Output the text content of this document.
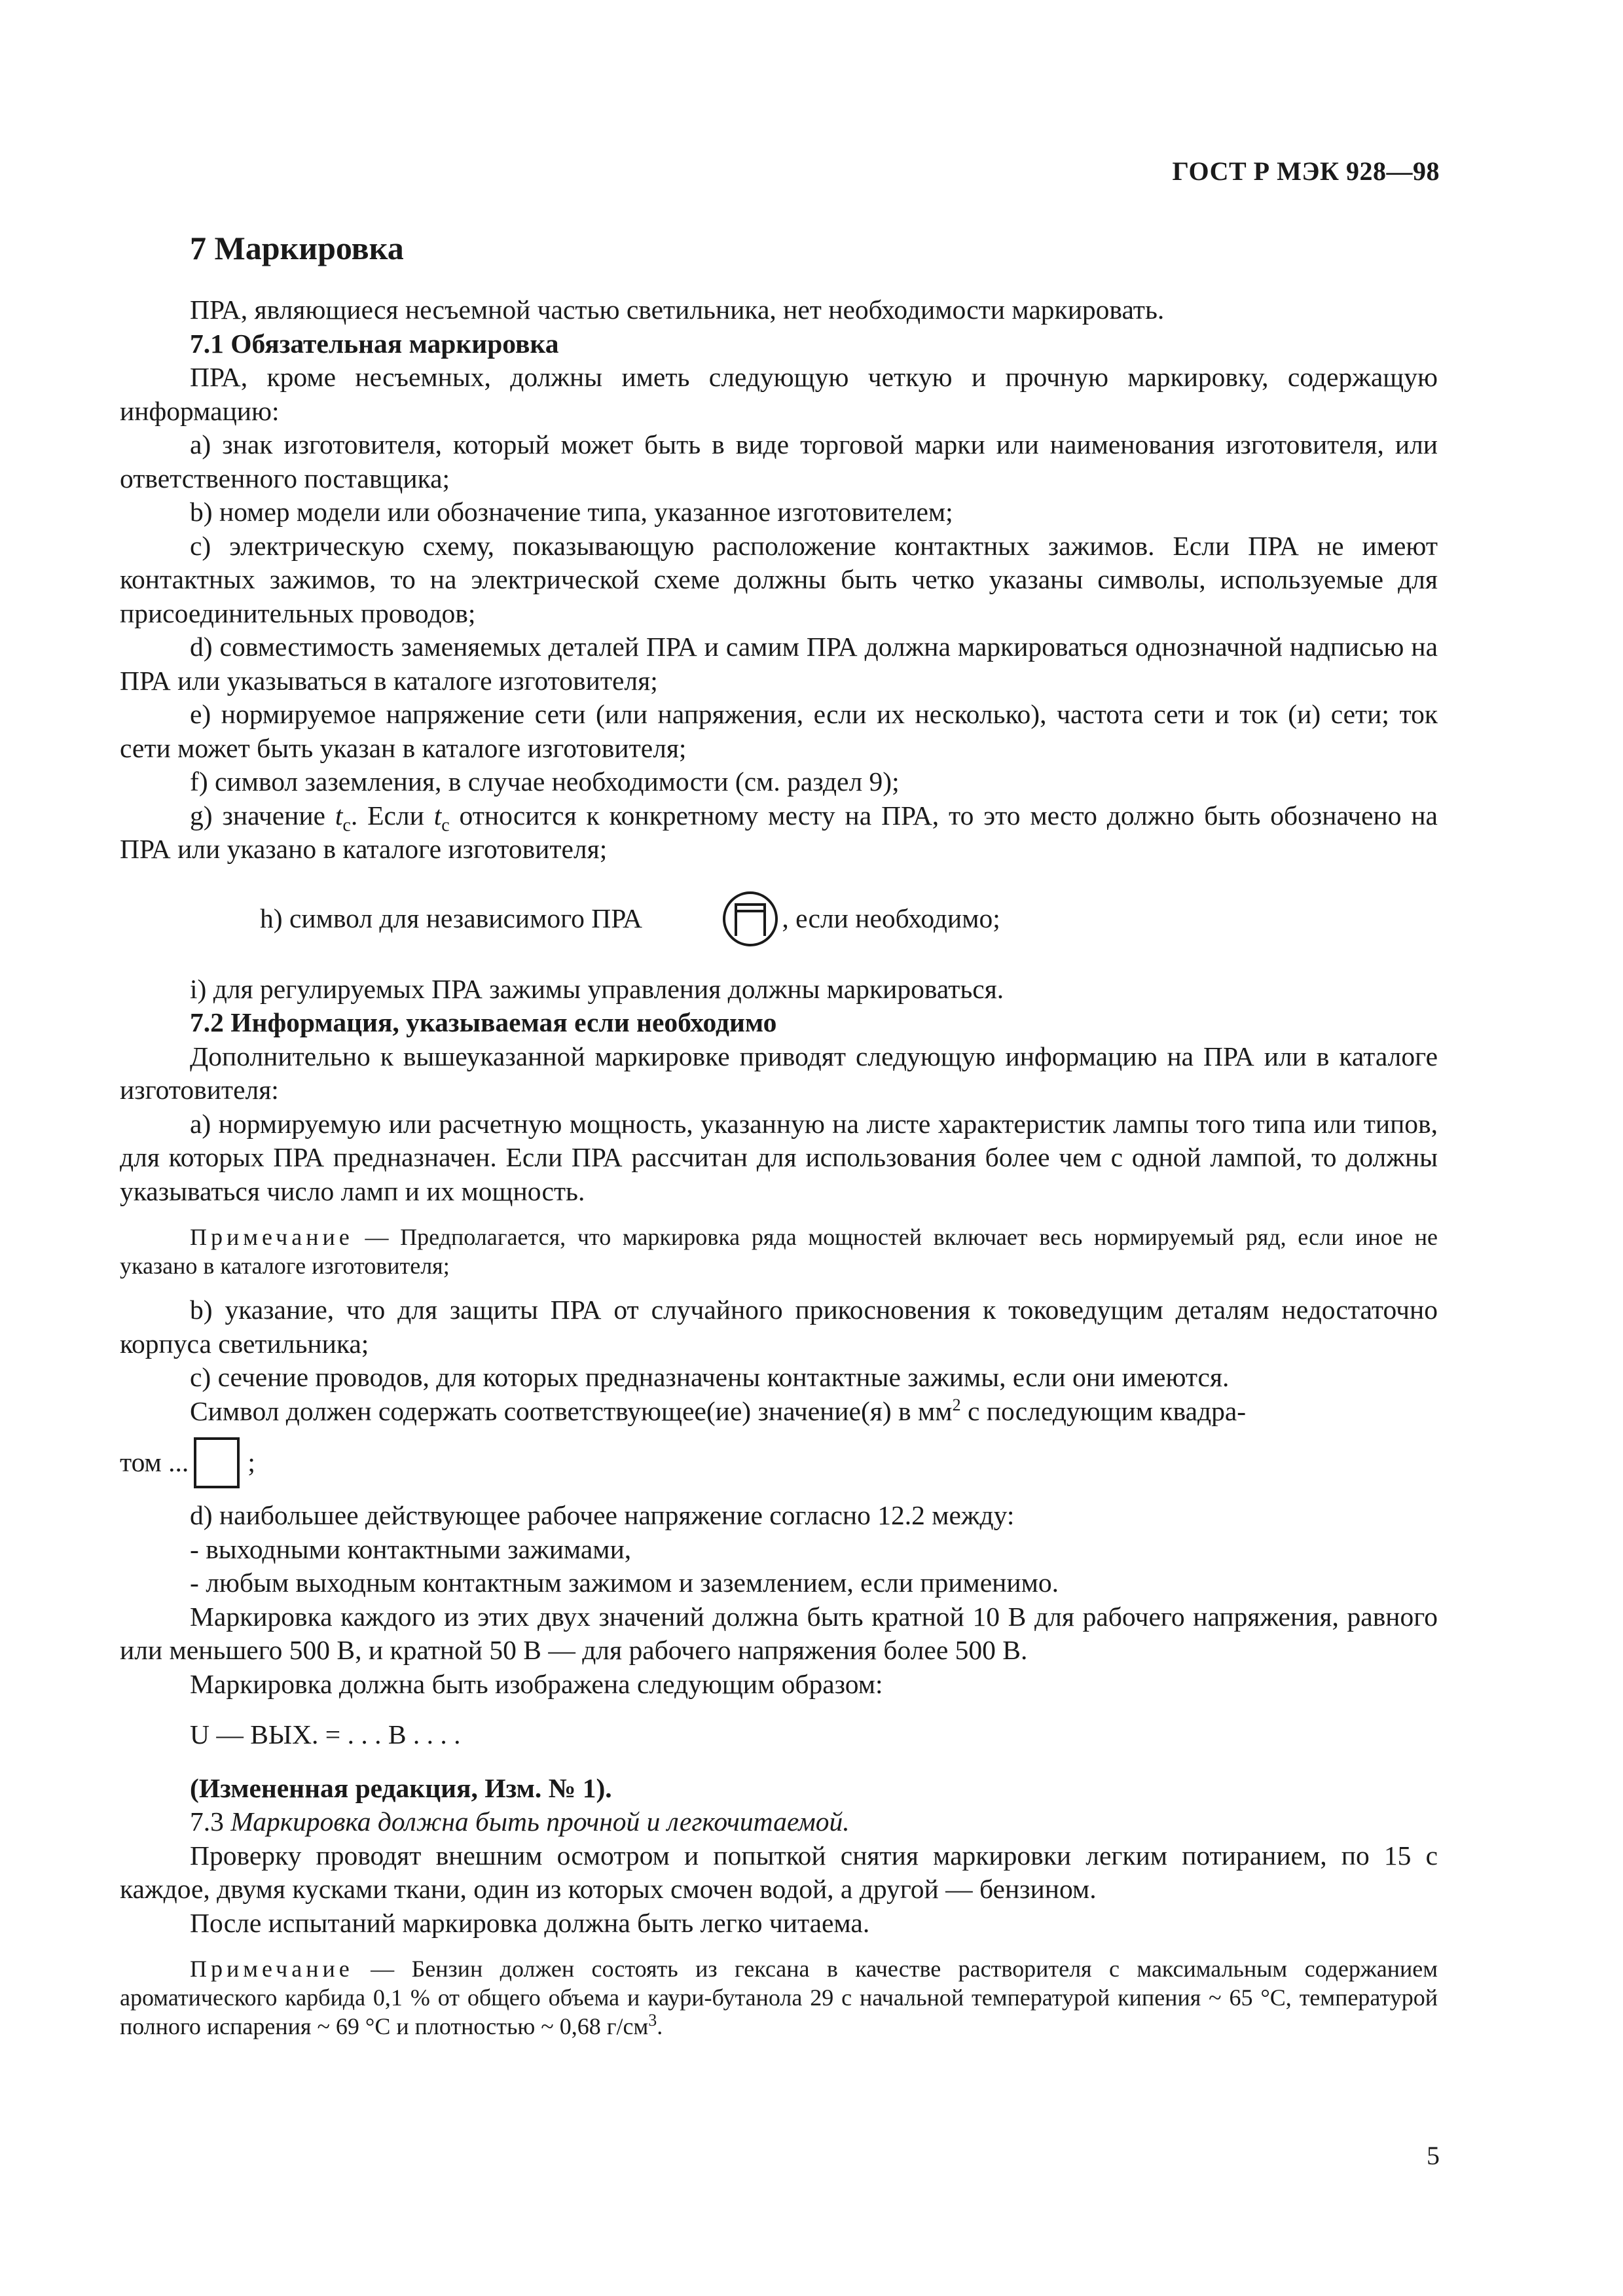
ГОСТ Р МЭК 928—98
7 Маркировка

ПРА, являющиеся несъемной частью светильника, нет необходимости маркировать.

7.1 Обязательная маркировка

ПРА, кроме несъемных, должны иметь следующую четкую и прочную маркировку, содержащую информацию:

a) знак изготовителя, который может быть в виде торговой марки или наименования изготовителя, или ответственного поставщика;

b) номер модели или обозначение типа, указанное изготовителем;

c) электрическую схему, показывающую расположение контактных зажимов. Если ПРА не имеют контактных зажимов, то на электрической схеме должны быть четко указаны символы, используемые для присоединительных проводов;

d) совместимость заменяемых деталей ПРА и самим ПРА должна маркироваться однозначной надписью на ПРА или указываться в каталоге изготовителя;

e) нормируемое напряжение сети (или напряжения, если их несколько), частота сети и ток (и) сети; ток сети может быть указан в каталоге изготовителя;

f) символ заземления, в случае необходимости (см. раздел 9);

g) значение $t_c$. Если $t_c$ относится к конкретному месту на ПРА, то это место должно быть обозначено на ПРА или указано в каталоге изготовителя;

h) символ для независимого ПРА	, если необходимо;

i) для регулируемых ПРА зажимы управления должны маркироваться.

7.2 Информация, указываемая если необходимо

Дополнительно к вышеуказанной маркировке приводят следующую информацию на ПРА или в каталоге изготовителя:

a) нормируемую или расчетную мощность, указанную на листе характеристик лампы того типа или типов, для которых ПРА предназначен. Если ПРА рассчитан для использования более чем с одной лампой, то должны указываться число ламп и их мощность.

Примечание — Предполагается, что маркировка ряда мощностей включает весь нормируемый ряд, если иное не указано в каталоге изготовителя;

b) указание, что для защиты ПРА от случайного прикосновения к токоведущим деталям недостаточно корпуса светильника;

c) сечение проводов, для которых предназначены контактные зажимы, если они имеются.

Символ должен содержать соответствующее(ие) значение(я) в $мм^2$ с последующим квадра-

том ... ;

d) наибольшее действующее рабочее напряжение согласно 12.2 между:

- выходными контактными зажимами,

- любым выходным контактным зажимом и заземлением, если применимо.

Маркировка каждого из этих двух значений должна быть кратной 10 В для рабочего напряжения, равного или меньшего 500 В, и кратной 50 В — для рабочего напряжения более 500 В.

Маркировка должна быть изображена следующим образом:

U — ВЫХ. = . . . В . . . .

(Измененная редакция, Изм. № 1).

7.3 Маркировка должна быть прочной и легкочитаемой.

Проверку проводят внешним осмотром и попыткой снятия маркировки легким потиранием, по 15 с каждое, двумя кусками ткани, один из которых смочен водой, а другой — бензином.

После испытаний маркировка должна быть легко читаема.

Примечание — Бензин должен состоять из гексана в качестве растворителя с максимальным содержанием ароматического карбида 0,1 % от общего объема и каури-бутанола 29 с начальной температурой кипения ~ 65 °С, температурой полного испарения ~ 69 °С и плотностью ~ 0,68 $г/см^3$.

5
